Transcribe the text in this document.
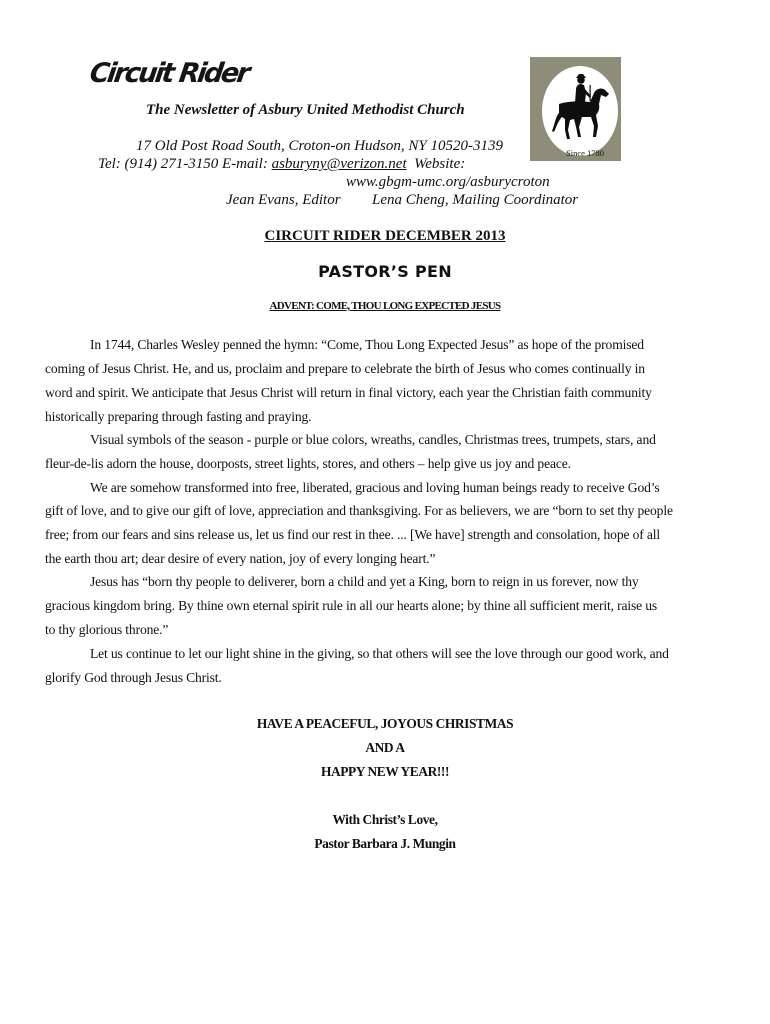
Circuit Rider
The Newsletter of Asbury United Methodist Church
17 Old Post Road South, Croton-on Hudson, NY 10520-3139
Tel: (914) 271-3150 E-mail: asburyny@verizon.net Website:
www.gbgm-umc.org/asburycroton
Jean Evans, Editor Lena Cheng, Mailing Coordinator
Since 1780
CIRCUIT RIDER DECEMBER 2013
PASTOR’S PEN
ADVENT: COME, THOU LONG EXPECTED JESUS
In 1744, Charles Wesley penned the hymn: “Come, Thou Long Expected Jesus” as hope of the promised
coming of Jesus Christ. He, and us, proclaim and prepare to celebrate the birth of Jesus who comes continually in
word and spirit. We anticipate that Jesus Christ will return in final victory, each year the Christian faith community
historically preparing through fasting and praying.
Visual symbols of the season - purple or blue colors, wreaths, candles, Christmas trees, trumpets, stars, and
fleur-de-lis adorn the house, doorposts, street lights, stores, and others – help give us joy and peace.
We are somehow transformed into free, liberated, gracious and loving human beings ready to receive God’s
gift of love, and to give our gift of love, appreciation and thanksgiving. For as believers, we are “born to set thy people
free; from our fears and sins release us, let us find our rest in thee. ... [We have] strength and consolation, hope of all
the earth thou art; dear desire of every nation, joy of every longing heart.”
Jesus has “born thy people to deliverer, born a child and yet a King, born to reign in us forever, now thy
gracious kingdom bring. By thine own eternal spirit rule in all our hearts alone; by thine all sufficient merit, raise us
to thy glorious throne.”
Let us continue to let our light shine in the giving, so that others will see the love through our good work, and
glorify God through Jesus Christ.
HAVE A PEACEFUL, JOYOUS CHRISTMAS
AND A
HAPPY NEW YEAR!!!
With Christ’s Love,
Pastor Barbara J. Mungin
